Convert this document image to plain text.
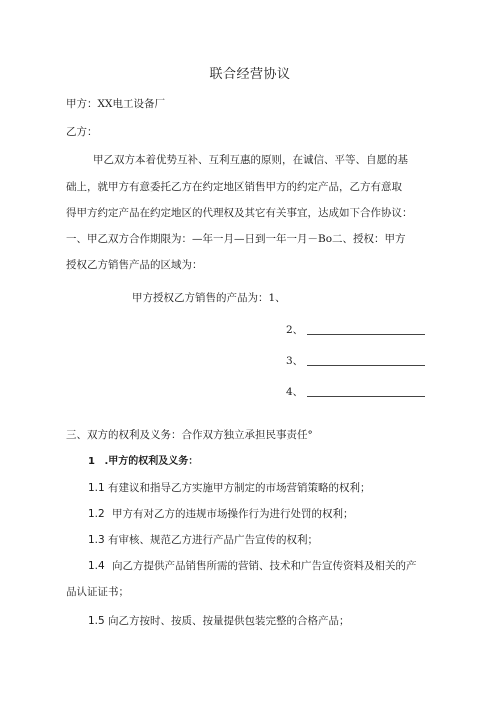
联合经营协议
甲方：XX电工设备厂
乙方：
甲乙双方本着优势互补、互利互惠的原则，在诚信、平等、自愿的基
础上，就甲方有意委托乙方在约定地区销售甲方的约定产品，乙方有意取
得甲方约定产品在约定地区的代理权及其它有关事宜，达成如下合作协议：
一、甲乙双方合作期限为：—年一月—日到一年一月－Bo二、授权：甲方
授权乙方销售产品的区域为：
甲方授权乙方销售的产品为：1、
2、
3、
4、
三、双方的权利及义务：合作双方独立承担民事责任°
1 .甲方的权利及义务：
1.1 有建议和指导乙方实施甲方制定的市场营销策略的权利；
1.2 甲方有对乙方的违规市场操作行为进行处罚的权利；
1.3 有审核、规范乙方进行产品广告宣传的权利；
1.4 向乙方提供产品销售所需的营销、技术和广告宣传资料及相关的产
品认证证书；
1.5 向乙方按时、按质、按量提供包装完整的合格产品；
